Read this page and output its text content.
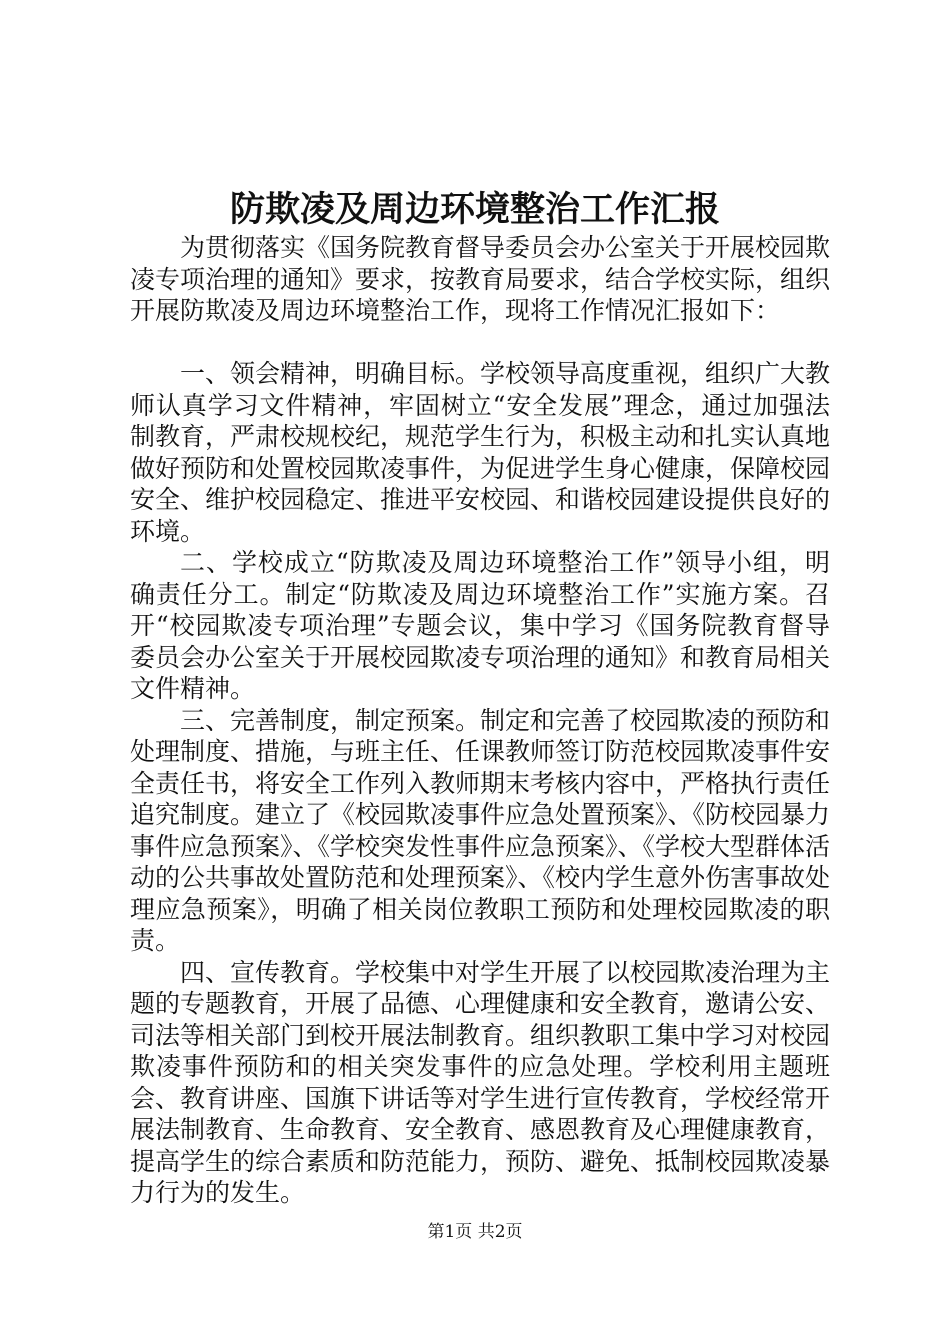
防欺凌及周边环境整治工作汇报

为贯彻落实《国务院教育督导委员会办公室关于开展校园欺凌专项治理的通知》要求，按教育局要求，结合学校实际，组织开展防欺凌及周边环境整治工作，现将工作情况汇报如下：

一、领会精神，明确目标。学校领导高度重视，组织广大教师认真学习文件精神，牢固树立“安全发展”理念，通过加强法制教育，严肃校规校纪，规范学生行为，积极主动和扎实认真地做好预防和处置校园欺凌事件，为促进学生身心健康，保障校园安全、维护校园稳定、推进平安校园、和谐校园建设提供良好的环境。

二、学校成立“防欺凌及周边环境整治工作”领导小组，明确责任分工。制定“防欺凌及周边环境整治工作”实施方案。召开“校园欺凌专项治理”专题会议，集中学习《国务院教育督导委员会办公室关于开展校园欺凌专项治理的通知》和教育局相关文件精神。

三、完善制度，制定预案。制定和完善了校园欺凌的预防和处理制度、措施，与班主任、任课教师签订防范校园欺凌事件安全责任书，将安全工作列入教师期末考核内容中，严格执行责任追究制度。建立了《校园欺凌事件应急处置预案》、《防校园暴力事件应急预案》、《学校突发性事件应急预案》、《学校大型群体活动的公共事故处置防范和处理预案》、《校内学生意外伤害事故处理应急预案》，明确了相关岗位教职工预防和处理校园欺凌的职责。

四、宣传教育。学校集中对学生开展了以校园欺凌治理为主题的专题教育，开展了品德、心理健康和安全教育，邀请公安、司法等相关部门到校开展法制教育。组织教职工集中学习对校园欺凌事件预防和的相关突发事件的应急处理。学校利用主题班会、教育讲座、国旗下讲话等对学生进行宣传教育，学校经常开展法制教育、生命教育、安全教育、感恩教育及心理健康教育，提高学生的综合素质和防范能力，预防、避免、抵制校园欺凌暴力行为的发生。

第1页 共2页
